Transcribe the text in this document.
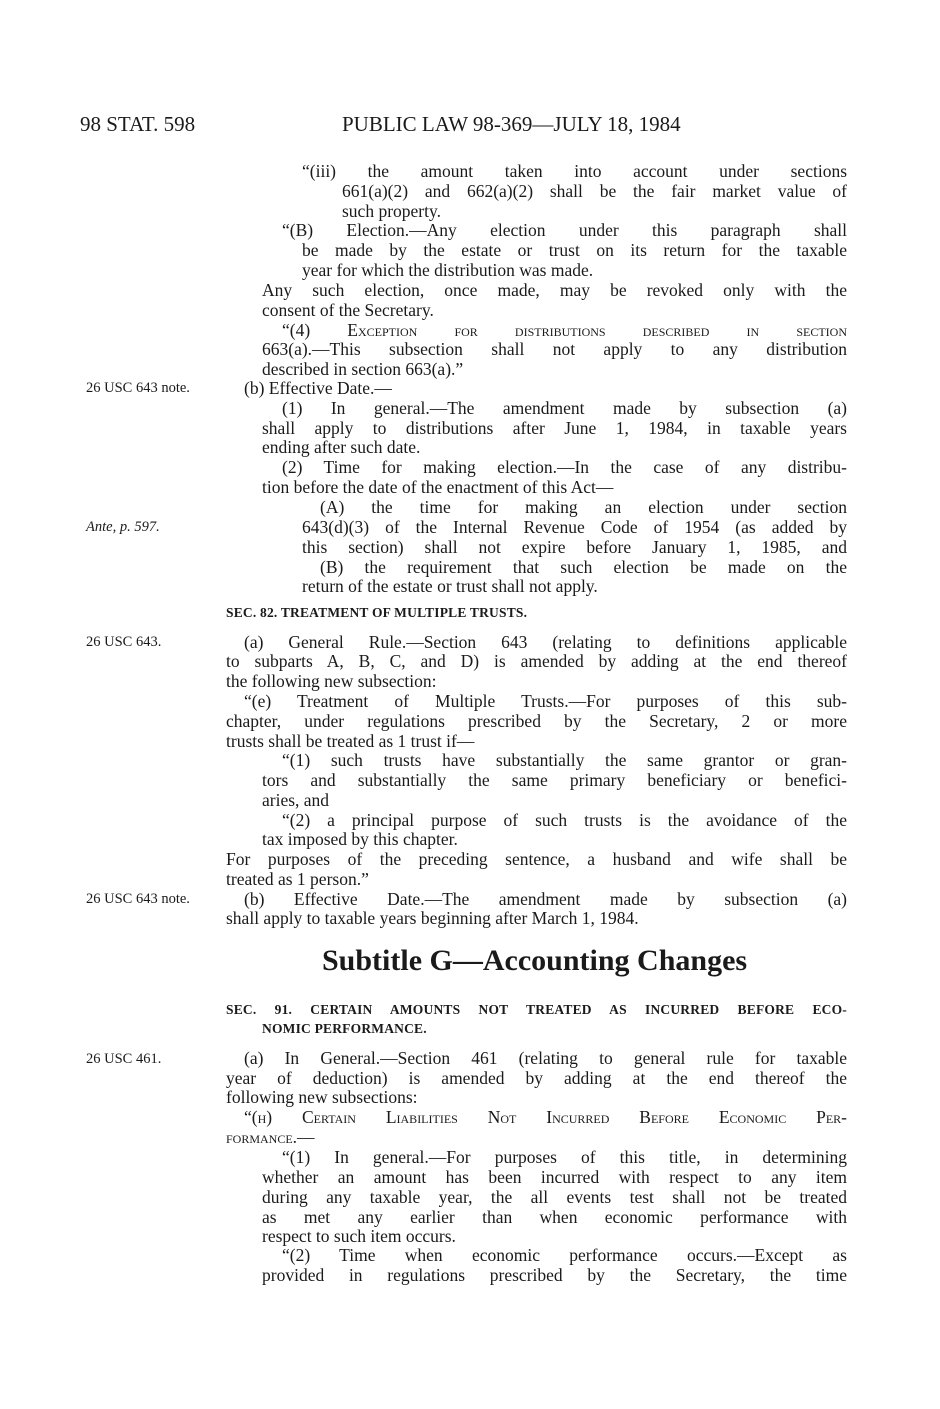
98 STAT. 598	PUBLIC LAW 98-369—JULY 18, 1984
26 USC 643 note.
Ante, p. 597.
26 USC 643.
26 USC 643 note.
26 USC 461.
“(iii) the amount taken into account under sections
661(a)(2) and 662(a)(2) shall be the fair market value of
such property.
“(B) Election.—Any election under this paragraph shall
be made by the estate or trust on its return for the taxable
year for which the distribution was made.
Any such election, once made, may be revoked only with the
consent of the Secretary.
“(4) Exception for distributions described in section
663(a).—This subsection shall not apply to any distribution
described in section 663(a).”
(b) Effective Date.—
(1) In general.—The amendment made by subsection (a)
shall apply to distributions after June 1, 1984, in taxable years
ending after such date.
(2) Time for making election.—In the case of any distribu-
tion before the date of the enactment of this Act—
(A) the time for making an election under section
643(d)(3) of the Internal Revenue Code of 1954 (as added by
this section) shall not expire before January 1, 1985, and
(B) the requirement that such election be made on the
return of the estate or trust shall not apply.
SEC. 82. TREATMENT OF MULTIPLE TRUSTS.
(a) General Rule.—Section 643 (relating to definitions applicable
to subparts A, B, C, and D) is amended by adding at the end thereof
the following new subsection:
“(e) Treatment of Multiple Trusts.—For purposes of this sub-
chapter, under regulations prescribed by the Secretary, 2 or more
trusts shall be treated as 1 trust if—
“(1) such trusts have substantially the same grantor or gran-
tors and substantially the same primary beneficiary or benefici-
aries, and
“(2) a principal purpose of such trusts is the avoidance of the
tax imposed by this chapter.
For purposes of the preceding sentence, a husband and wife shall be
treated as 1 person.”
(b) Effective Date.—The amendment made by subsection (a)
shall apply to taxable years beginning after March 1, 1984.
Subtitle G—Accounting Changes
SEC. 91. CERTAIN AMOUNTS NOT TREATED AS INCURRED BEFORE ECO-
NOMIC PERFORMANCE.
(a) In General.—Section 461 (relating to general rule for taxable
year of deduction) is amended by adding at the end thereof the
following new subsections:
“(h) Certain Liabilities Not Incurred Before Economic Per-
formance.—
“(1) In general.—For purposes of this title, in determining
whether an amount has been incurred with respect to any item
during any taxable year, the all events test shall not be treated
as met any earlier than when economic performance with
respect to such item occurs.
“(2) Time when economic performance occurs.—Except as
provided in regulations prescribed by the Secretary, the time
